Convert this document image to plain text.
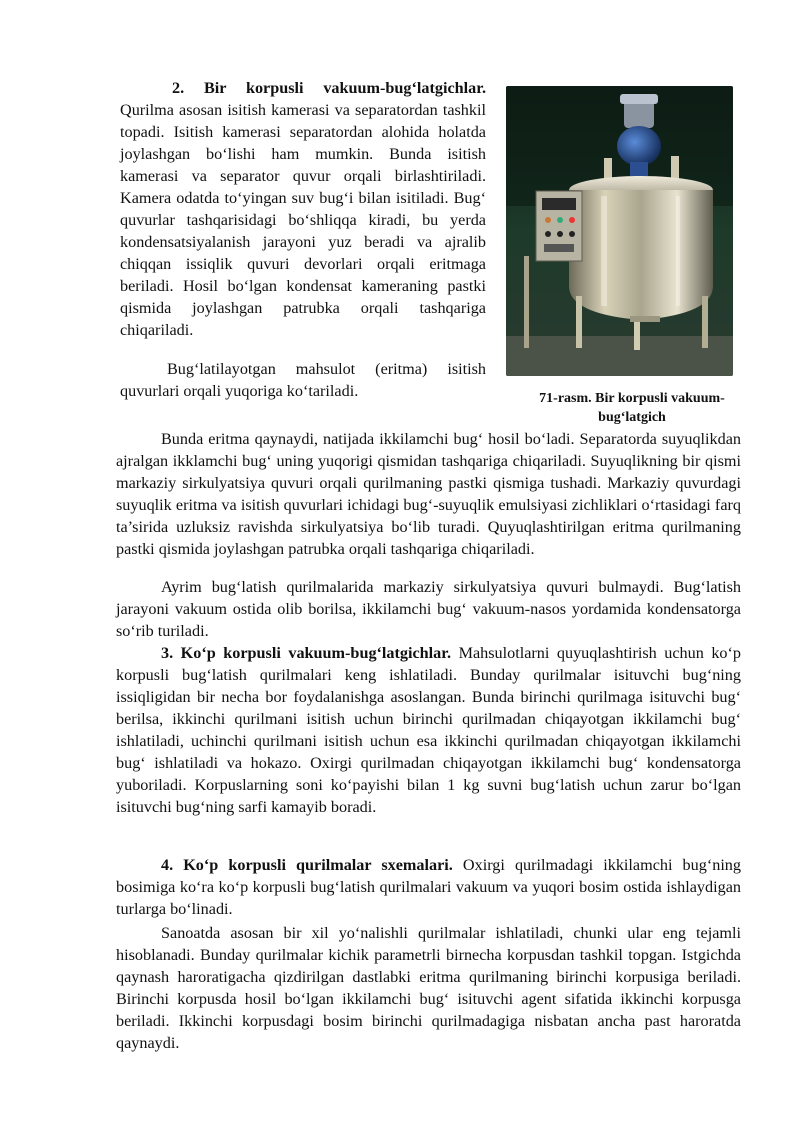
2. Bir korpusli vakuum-bug‘latgichlar. Qurilma asosan isitish kamerasi va separatordan tashkil topadi. Isitish kamerasi separatordan alohida holatda joylashgan bo‘lishi ham mumkin. Bunda isitish kamerasi va separator quvur orqali birlashtiriladi. Kamera odatda to‘yingan suv bug‘i bilan isitiladi. Bug‘ quvurlar tashqarisidagi bo‘shliqqa kiradi, bu yerda kondensatsiyalanish jarayoni yuz beradi va ajralib chiqqan issiqlik quvuri devorlari orqali eritmaga beriladi. Hosil bo‘lgan kondensat kameraning pastki qismida joylashgan patrubka orqali tashqariga chiqariladi.

Bug‘latilayotgan mahsulot (eritma) isitish quvurlari orqali yuqoriga ko‘tariladi.	71-rasm. Bir korpusli vakuum-bug‘latgich

Bunda eritma qaynaydi, natijada ikkilamchi bug‘ hosil bo‘ladi. Separatorda suyuqlikdan ajralgan ikklamchi bug‘ uning yuqorigi qismidan tashqariga chiqariladi. Suyuqlikning bir qismi markaziy sirkulyatsiya quvuri orqali qurilmaning pastki qismiga tushadi. Markaziy quvurdagi suyuqlik eritma va isitish quvurlari ichidagi bug‘-suyuqlik emulsiyasi zichliklari o‘rtasidagi farq ta’sirida uzluksiz ravishda sirkulyatsiya bo‘lib turadi. Quyuqlashtirilgan eritma qurilmaning pastki qismida joylashgan patrubka orqali tashqariga chiqariladi.

Ayrim bug‘latish qurilmalarida markaziy sirkulyatsiya quvuri bulmaydi. Bug‘latish jarayoni vakuum ostida olib borilsa, ikkilamchi bug‘ vakuum-nasos yordamida kondensatorga so‘rib turiladi.

3. Ko‘p korpusli vakuum-bug‘latgichlar. Mahsulotlarni quyuqlashtirish uchun ko‘p korpusli bug‘latish qurilmalari keng ishlatiladi. Bunday qurilmalar isituvchi bug‘ning issiqligidan bir necha bor foydalanishga asoslangan. Bunda birinchi qurilmaga isituvchi bug‘ berilsa, ikkinchi qurilmani isitish uchun birinchi qurilmadan chiqayotgan ikkilamchi bug‘ ishlatiladi, uchinchi qurilmani isitish uchun esa ikkinchi qurilmadan chiqayotgan ikkilamchi bug‘ ishlatiladi va hokazo. Oxirgi qurilmadan chiqayotgan ikkilamchi bug‘ kondensatorga yuboriladi. Korpuslarning soni ko‘payishi bilan 1 kg suvni bug‘latish uchun zarur bo‘lgan isituvchi bug‘ning sarfi kamayib boradi.

4. Ko‘p korpusli qurilmalar sxemalari. Oxirgi qurilmadagi ikkilamchi bug‘ning bosimiga ko‘ra ko‘p korpusli bug‘latish qurilmalari vakuum va yuqori bosim ostida ishlaydigan turlarga bo‘linadi.

Sanoatda asosan bir xil yo‘nalishli qurilmalar ishlatiladi, chunki ular eng tejamli hisoblanadi. Bunday qurilmalar kichik parametrli birnecha korpusdan tashkil topgan. Istgichda qaynash haroratigacha qizdirilgan dastlabki eritma qurilmaning birinchi korpusiga beriladi. Birinchi korpusda hosil bo‘lgan ikkilamchi bug‘ isituvchi agent sifatida ikkinchi korpusga beriladi. Ikkinchi korpusdagi bosim birinchi qurilmadagiga nisbatan ancha past haroratda qaynaydi.
